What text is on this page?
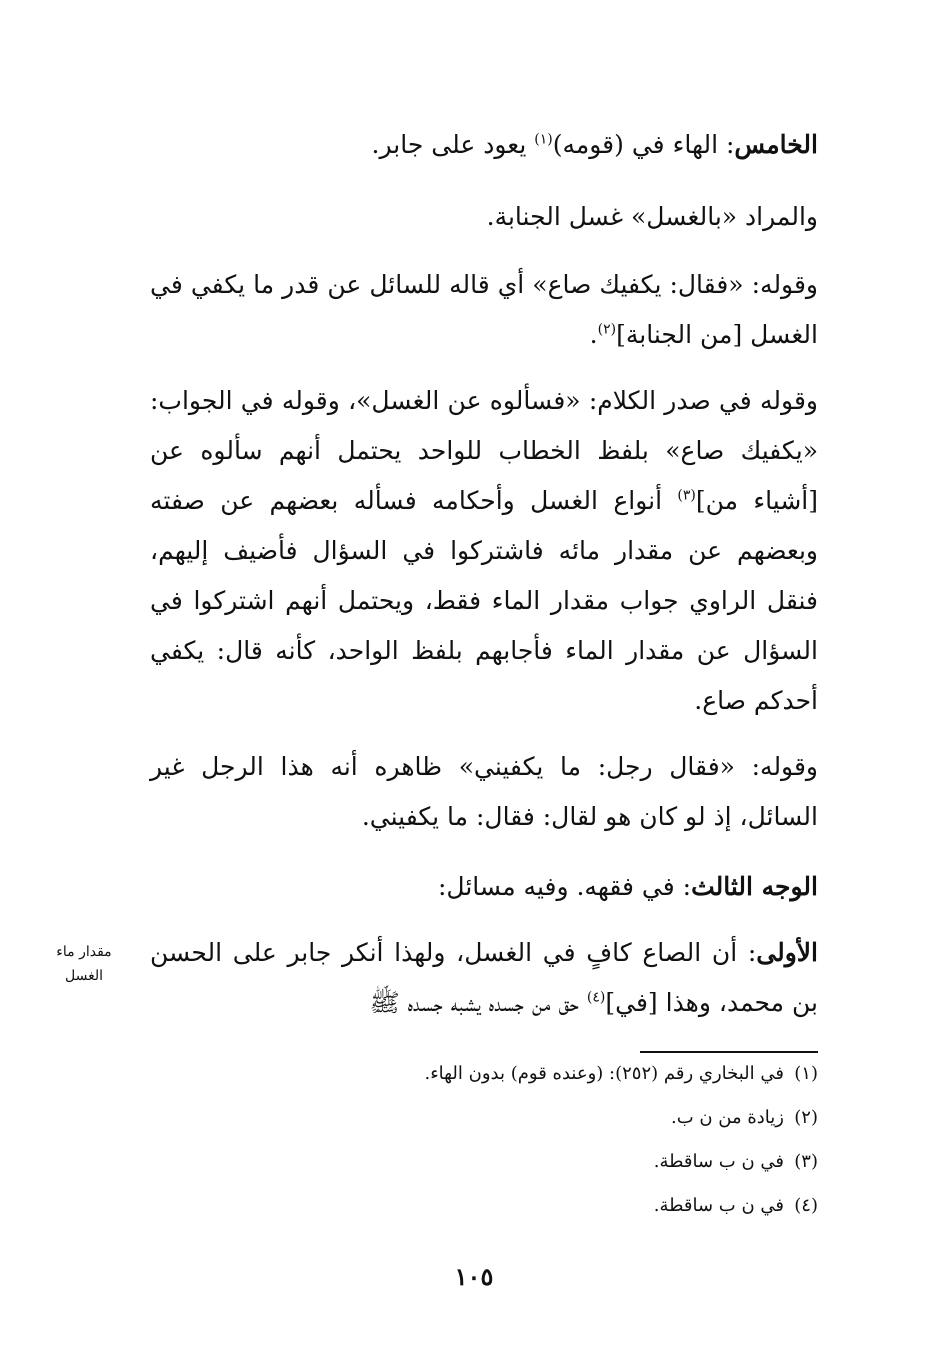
الخامس: الهاء في (قومه)$^{(١)}$ يعود على جابر.

والمراد «بالغسل» غسل الجنابة.

وقوله: «فقال: يكفيك صاع» أي قاله للسائل عن قدر ما يكفي في الغسل [من الجنابة]$^{(٢)}$.

وقوله في صدر الكلام: «فسألوه عن الغسل»، وقوله في الجواب: «يكفيك صاع» بلفظ الخطاب للواحد يحتمل أنهم سألوه عن [أشياء من]$^{(٣)}$ أنواع الغسل وأحكامه فسأله بعضهم عن صفته وبعضهم عن مقدار مائه فاشتركوا في السؤال فأضيف إليهم، فنقل الراوي جواب مقدار الماء فقط، ويحتمل أنهم اشتركوا في السؤال عن مقدار الماء فأجابهم بلفظ الواحد، كأنه قال: يكفي أحدكم صاع.

وقوله: «فقال رجل: ما يكفيني» ظاهره أنه هذا الرجل غير السائل، إذ لو كان هو لقال: فقال: ما يكفيني.

الوجه الثالث: في فقهه. وفيه مسائل:

الأولى: أن الصاع كافٍ في الغسل، ولهذا أنكر جابر على الحسن بن محمد، وهذا [في]$^{(٤)}$ حق من جسده يشبه جسده ﷺ

مقدار ماء الغسل
(١)في البخاري رقم (٢٥٢): (وعنده قوم) بدون الهاء.
(٢)زيادة من ن ب.
(٣)في ن ب ساقطة.
(٤)في ن ب ساقطة.
١٠٥
